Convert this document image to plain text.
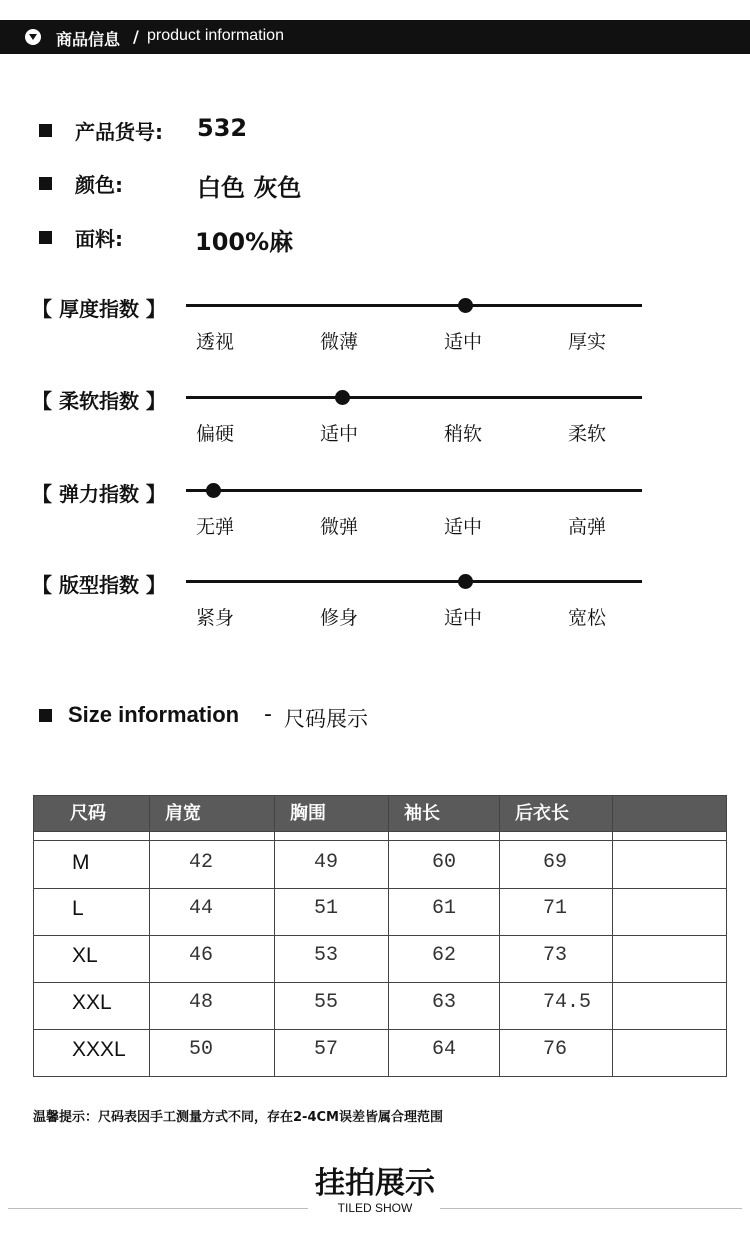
商品信息 / product information
产品货号: 532
颜色:	白色 灰色
面料:	100%麻
【 厚度指数 】
透视	微薄	适中	厚实
【 柔软指数 】
偏硬	适中	稍软	柔软
【 弹力指数 】
无弹	微弹	适中	高弹
【 版型指数 】
紧身	修身	适中	宽松
Size information - 尺码展示
尺码	肩宽	胸围	袖长	后衣长
M	42	49	60	69
L	44	51	61	71
XL	46	53	62	73
XXL	48	55	63	74.5
XXXL	50	57	64	76
温馨提示：尺码表因手工测量方式不同，存在2-4CM误差皆属合理范围
挂拍展示
TILED SHOW
